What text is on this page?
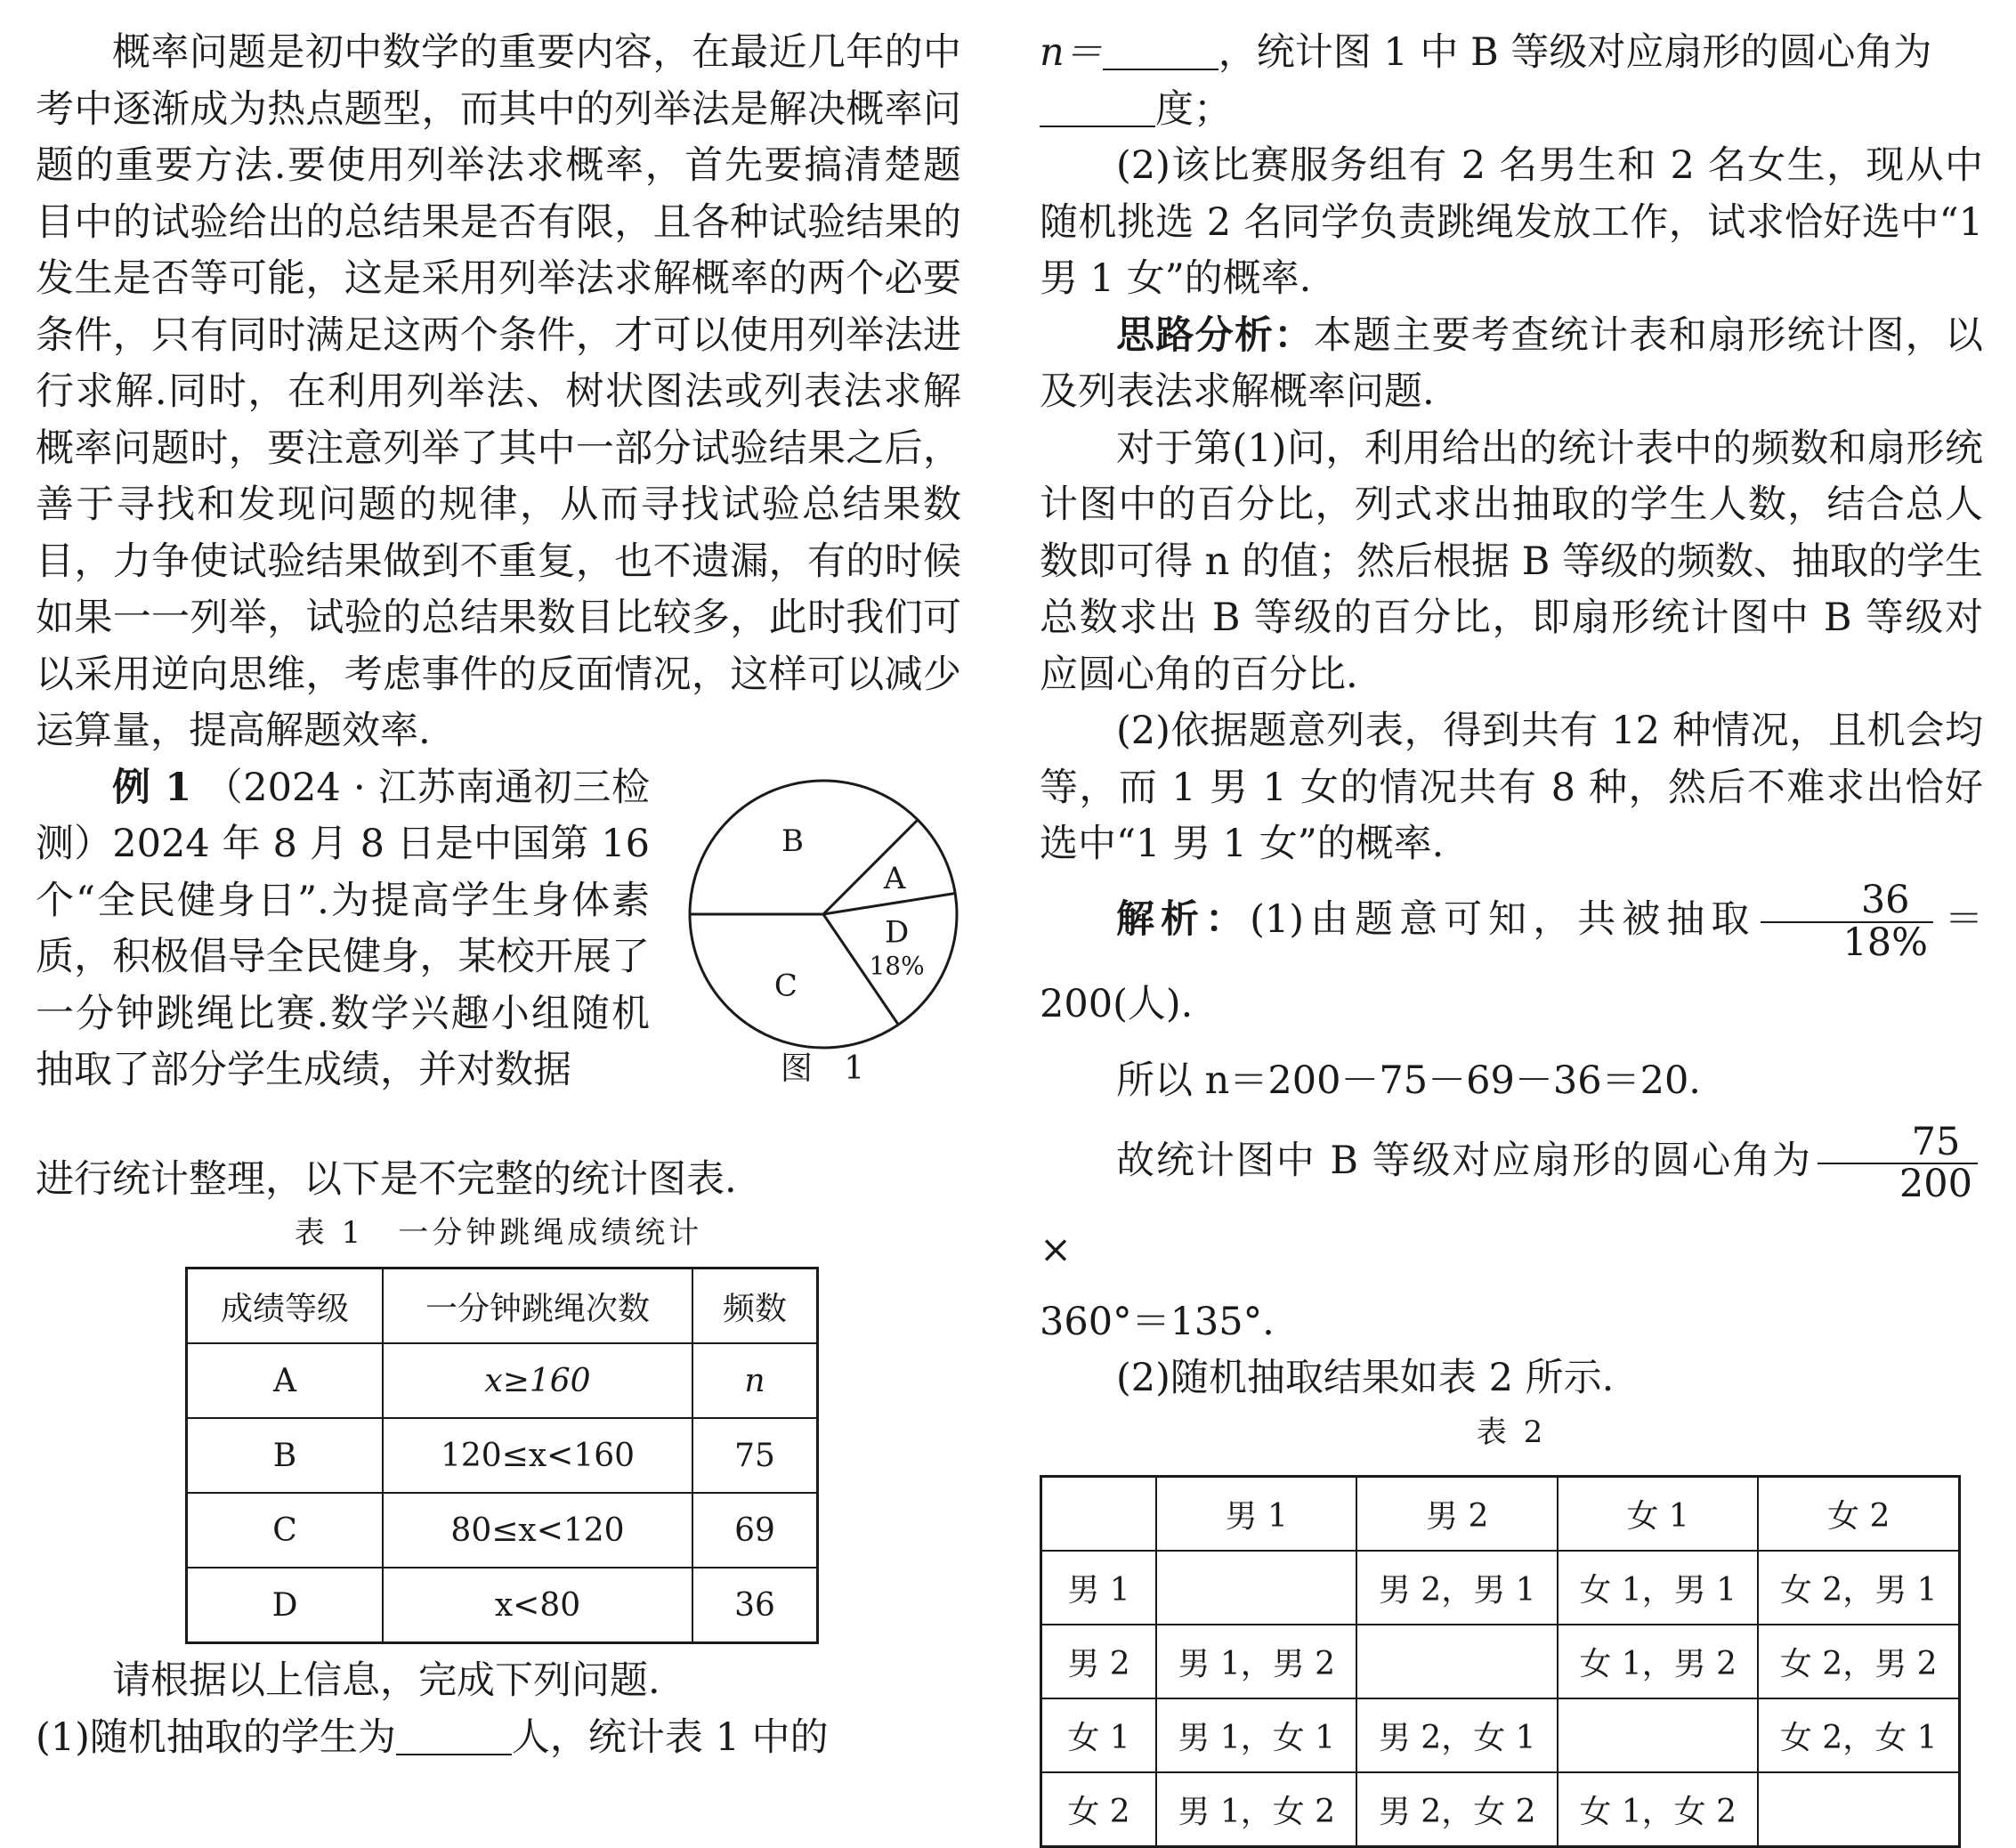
概率问题是初中数学的重要内容，在最近几年的中考中逐渐成为热点题型，而其中的列举法是解决概率问题的重要方法.要使用列举法求概率，首先要搞清楚题目中的试验给出的总结果是否有限，且各种试验结果的发生是否等可能，这是采用列举法求解概率的两个必要条件，只有同时满足这两个条件，才可以使用列举法进行求解.同时，在利用列举法、树状图法或列表法求解概率问题时，要注意列举了其中一部分试验结果之后，善于寻找和发现问题的规律，从而寻找试验总结果数目，力争使试验结果做到不重复，也不遗漏，有的时候如果一一列举，试验的总结果数目比较多，此时我们可以采用逆向思维，考虑事件的反面情况，这样可以减少运算量，提高解题效率.

例 1 （2024 · 江苏南通初三检测）2024 年 8 月 8 日是中国第 16 个“全民健身日”.为提高学生身体素质，积极倡导全民健身，某校开展了一分钟跳绳比赛.数学兴趣小组随机抽取了部分学生成绩，并对数据

B
A
D
18%
C
图 1

进行统计整理，以下是不完整的统计图表.

表 1　一分钟跳绳成绩统计
成绩等级	一分钟跳绳次数	频数
A	x≥160	n
B	120≤x<160	75
C	80≤x<120	69
D	x<80	36

请根据以上信息，完成下列问题.

(1)随机抽取的学生为	人，统计表 1 中的

n＝	，统计图 1 中 B 等级对应扇形的圆心角为

度；

(2)该比赛服务组有 2 名男生和 2 名女生，现从中随机挑选 2 名同学负责跳绳发放工作，试求恰好选中“1 男 1 女”的概率.

思路分析：本题主要考查统计表和扇形统计图，以及列表法求解概率问题.

对于第(1)问，利用给出的统计表中的频数和扇形统计图中的百分比，列式求出抽取的学生人数，结合总人数即可得 n 的值；然后根据 B 等级的频数、抽取的学生总数求出 B 等级的百分比，即扇形统计图中 B 等级对应圆心角的百分比.

(2)依据题意列表，得到共有 12 种情况，且机会均等，而 1 男 1 女的情况共有 8 种，然后不难求出恰好选中“1 男 1 女”的概率.

解析：(1)由题意可知，共被抽取 $\frac{36}{18\%} =200$(人).

所以 n＝200－75－69－36＝20.

故统计图中 B 等级对应扇形的圆心角为 $\frac{75}{200}$
×

360°＝135°.

(2)随机抽取结果如表 2 所示.

表 2
	男 1	男 2	女 1	女 2
男 1		男 2，男 1	女 1，男 1	女 2，男 1
男 2	男 1，男 2		女 1，男 2	女 2，男 2
女 1	男 1，女 1	男 2，女 1		女 2，女 1
女 2	男 1，女 2	男 2，女 2	女 1，女 2	
